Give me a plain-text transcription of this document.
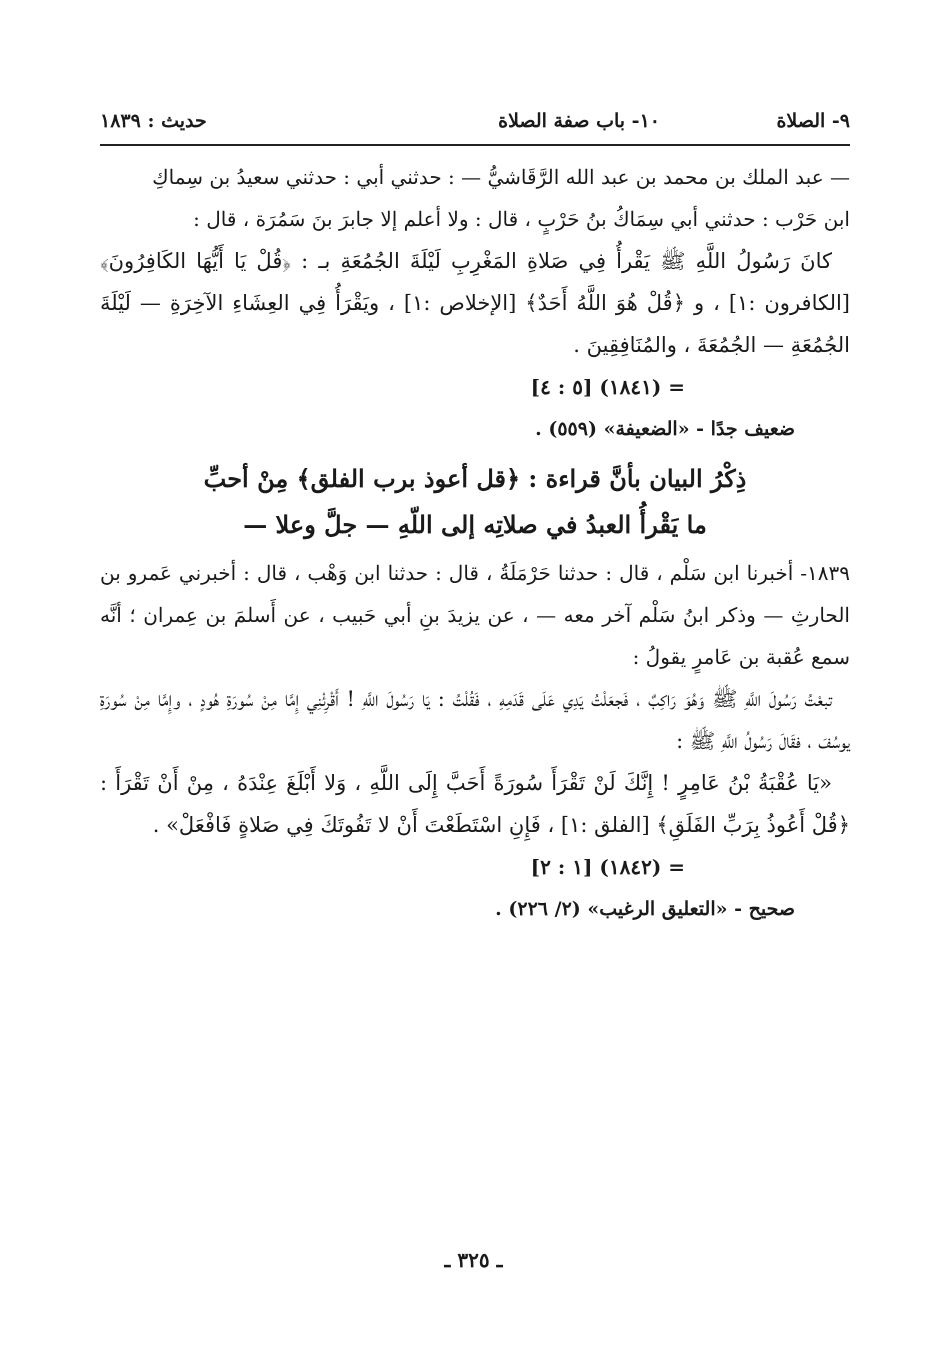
٩- الصلاة
١٠- باب صفة الصلاة
حديث : ١٨٣٩

— عبد الملك بن محمد بن عبد الله الرَّقَاشيُّ — : حدثني أبي : حدثني سعيدُ بن سِماكِ

ابن حَرْب : حدثني أبي سِمَاكُ بنُ حَرْبٍ ، قال : ولا أعلم إلا جابرَ بنَ سَمُرَة ، قال :

كانَ رَسُولُ اللَّهِ ﷺ يَقْرأُ فِي صَلاةِ المَغْرِبِ لَيْلَةَ الجُمُعَةِ بـ : ﴿قُلْ يَا أَيُّهَا الكَافِرُونَ﴾ [الكافرون :١] ، و ﴿قُلْ هُوَ اللَّهُ أَحَدٌ﴾ [الإخلاص :١] ، ويَقْرَأُ فِي العِشَاءِ الآخِرَةِ — لَيْلَةَ الجُمُعَةِ — الجُمُعَةَ ، والمُنَافِقِينَ .

= (١٨٤١) [٥ : ٤]

ضعيف جدًا - «الضعيفة» (٥٥٩) .

ذِكْرُ البيان بأنَّ قراءة : ﴿قل أعوذ برب الفلق﴾ مِنْ أحبِّ
ما يَقْرأُ العبدُ في صلاتِه إلى اللّهِ — جلَّ وعلا —

١٨٣٩- أخبرنا ابن سَلْم ، قال : حدثنا حَرْمَلَةُ ، قال : حدثنا ابن وَهْب ، قال : أخبرني عَمرو بن الحارثِ — وذكر ابنُ سَلْم آخر معه — ، عن يزيدَ بنِ أبي حَبيب ، عن أَسلمَ بن عِمران ؛ أنَّه سمع عُقبة بن عَامرٍ يقولُ :

تبعْتُ رَسُولَ اللَّهِ ﷺ وَهُوَ رَاكِبٌ ، فَجعَلْتُ يَدِي عَلَى قَدَمِهِ ، فَقُلْتُ : يَا رَسُولَ اللَّهِ ! أَقْرِئْنِي إِمَّا مِنْ سُورَةِ هُودٍ ، وإِمَّا مِنْ سُورَةِ يوسُفَ ، فقَالَ رَسُولُ اللَّهِ ﷺ :

«يَا عُقْبَةُ بْنُ عَامِرٍ ! إِنَّكَ لَنْ تَقْرَأَ سُورَةً أَحَبَّ إِلَى اللَّهِ ، وَلا أَبْلَغَ عِنْدَهُ ، مِنْ أَنْ تَقْرَأَ : ﴿قُلْ أَعُوذُ بِرَبِّ الفَلَقِ﴾ [الفلق :١] ، فَإِنِ اسْتَطَعْتَ أَنْ لا تَفُوتَكَ فِي صَلاةٍ فَافْعَلْ» .

= (١٨٤٢) [١ : ٢]

صحيح - «التعليق الرغيب» (٢/ ٢٢٦) .

ـ ٣٢٥ ـ
